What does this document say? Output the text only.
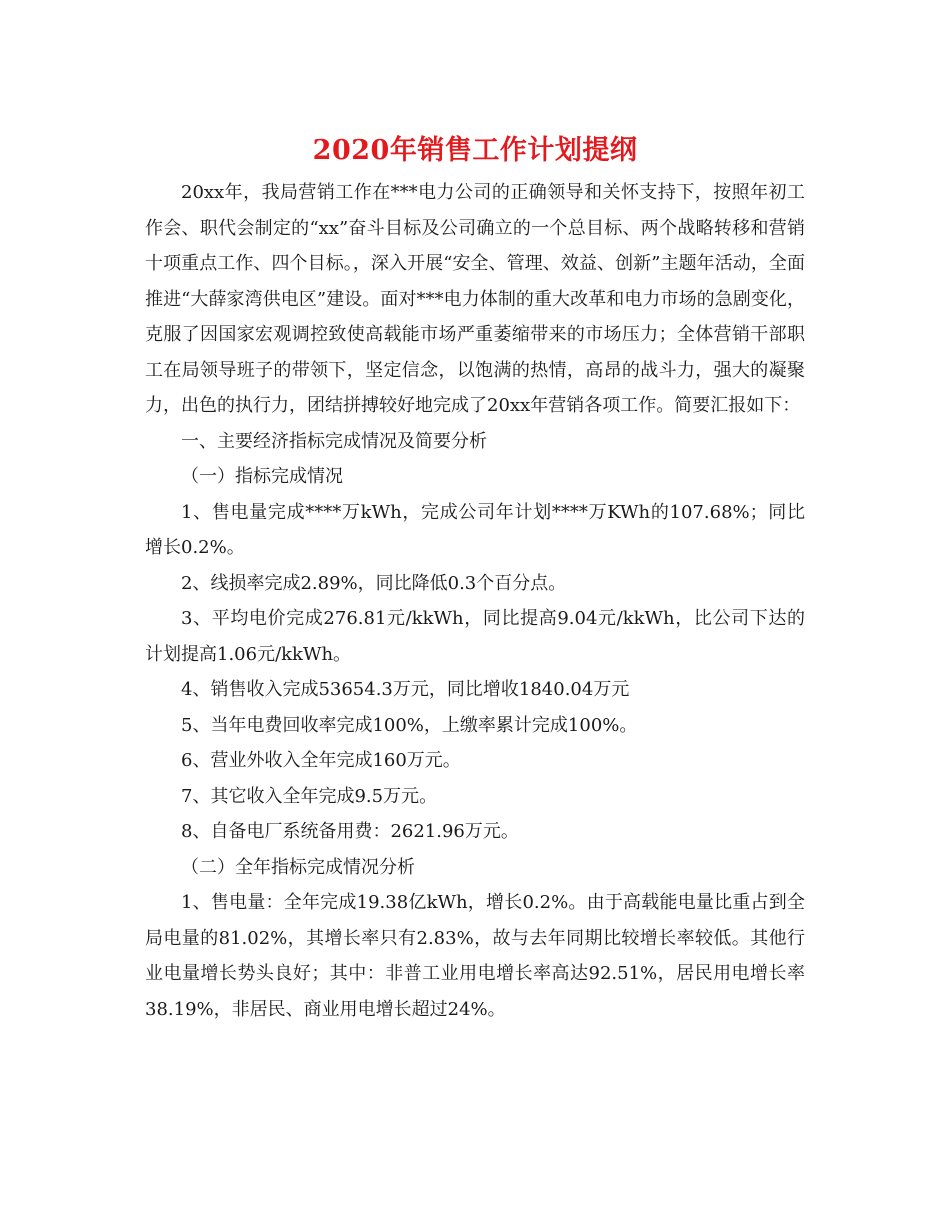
2020年销售工作计划提纲

20xx年，我局营销工作在***电力公司的正确领导和关怀支持下，按照年初工作会、职代会制定的“xx”奋斗目标及公司确立的一个总目标、两个战略转移和营销十项重点工作、四个目标。，深入开展“安全、管理、效益、创新”主题年活动，全面推进“大薛家湾供电区”建设。面对***电力体制的重大改革和电力市场的急剧变化，克服了因国家宏观调控致使高载能市场严重萎缩带来的市场压力；全体营销干部职工在局领导班子的带领下，坚定信念，以饱满的热情，高昂的战斗力，强大的凝聚力，出色的执行力，团结拼搏较好地完成了20xx年营销各项工作。简要汇报如下：

一、主要经济指标完成情况及简要分析

（一）指标完成情况

1、售电量完成****万kWh，完成公司年计划****万KWh的107.68%；同比增长0.2%。

2、线损率完成2.89%，同比降低0.3个百分点。

3、平均电价完成276.81元/kkWh，同比提高9.04元/kkWh，比公司下达的计划提高1.06元/kkWh。

4、销售收入完成53654.3万元，同比增收1840.04万元

5、当年电费回收率完成100%，上缴率累计完成100%。

6、营业外收入全年完成160万元。

7、其它收入全年完成9.5万元。

8、自备电厂系统备用费：2621.96万元。

（二）全年指标完成情况分析

1、售电量：全年完成19.38亿kWh，增长0.2%。由于高载能电量比重占到全局电量的81.02%，其增长率只有2.83%，故与去年同期比较增长率较低。其他行业电量增长势头良好；其中：非普工业用电增长率高达92.51%，居民用电增长率38.19%，非居民、商业用电增长超过24%。
